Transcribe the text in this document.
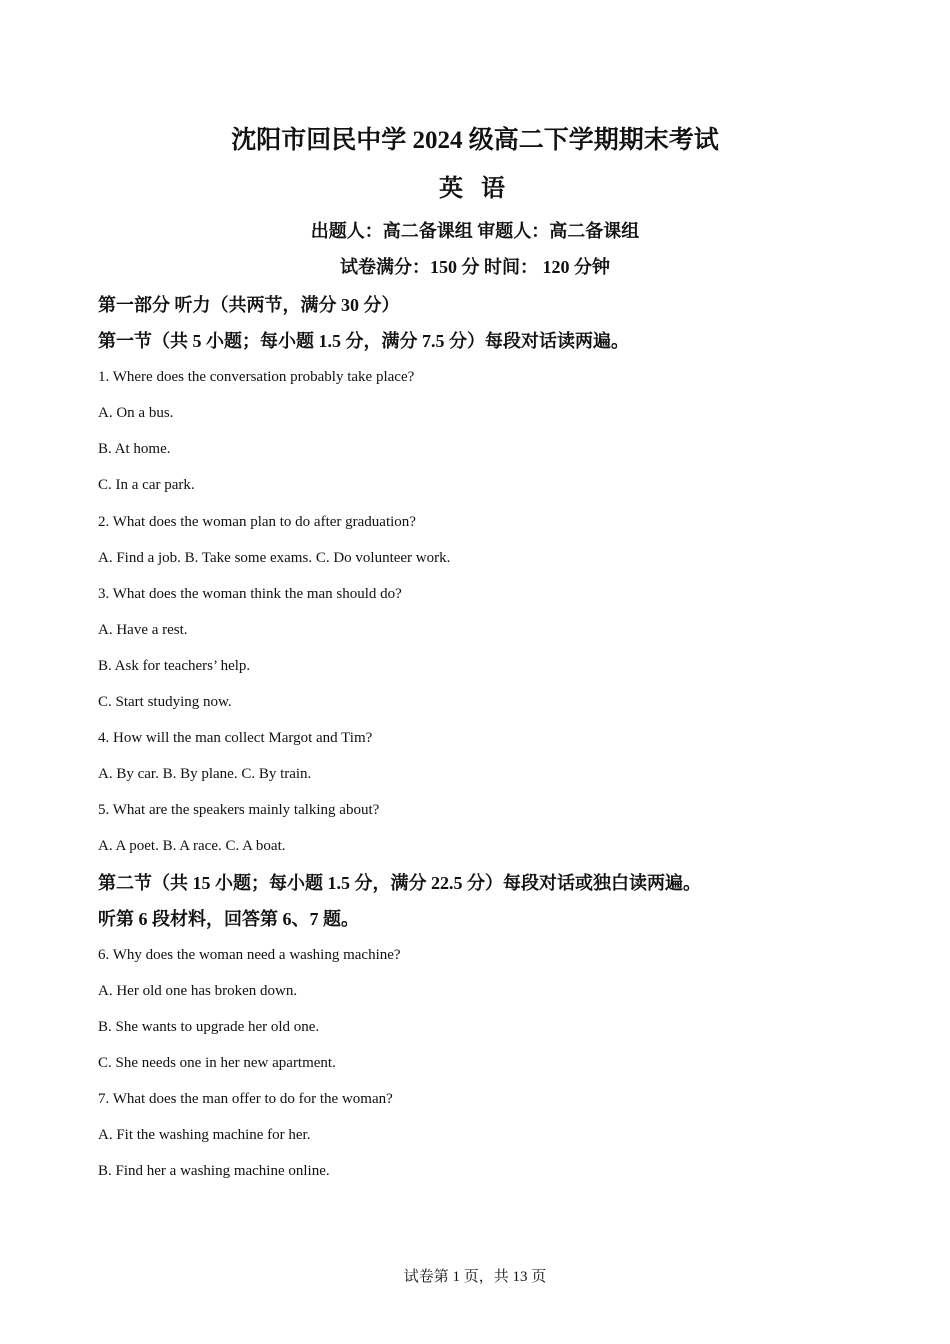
沈阳市回民中学 2024 级高二下学期期末考试
英 语
出题人：高二备课组 审题人：高二备课组
试卷满分：150 分 时间： 120 分钟
第一部分 听力（共两节，满分 30 分）
第一节（共 5 小题；每小题 1.5 分，满分 7.5 分）每段对话读两遍。
1. Where does the conversation probably take place?
A. On a bus.
B. At home.
C. In a car park.
2. What does the woman plan to do after graduation?
A. Find a job. B. Take some exams. C. Do volunteer work.
3. What does the woman think the man should do?
A. Have a rest.
B. Ask for teachers’ help.
C. Start studying now.
4. How will the man collect Margot and Tim?
A. By car. B. By plane. C. By train.
5. What are the speakers mainly talking about?
A. A poet. B. A race. C. A boat.
第二节（共 15 小题；每小题 1.5 分，满分 22.5 分）每段对话或独白读两遍。
听第 6 段材料，回答第 6、7 题。
6. Why does the woman need a washing machine?
A. Her old one has broken down.
B. She wants to upgrade her old one.
C. She needs one in her new apartment.
7. What does the man offer to do for the woman?
A. Fit the washing machine for her.
B. Find her a washing machine online.
试卷第 1 页，共 13 页
